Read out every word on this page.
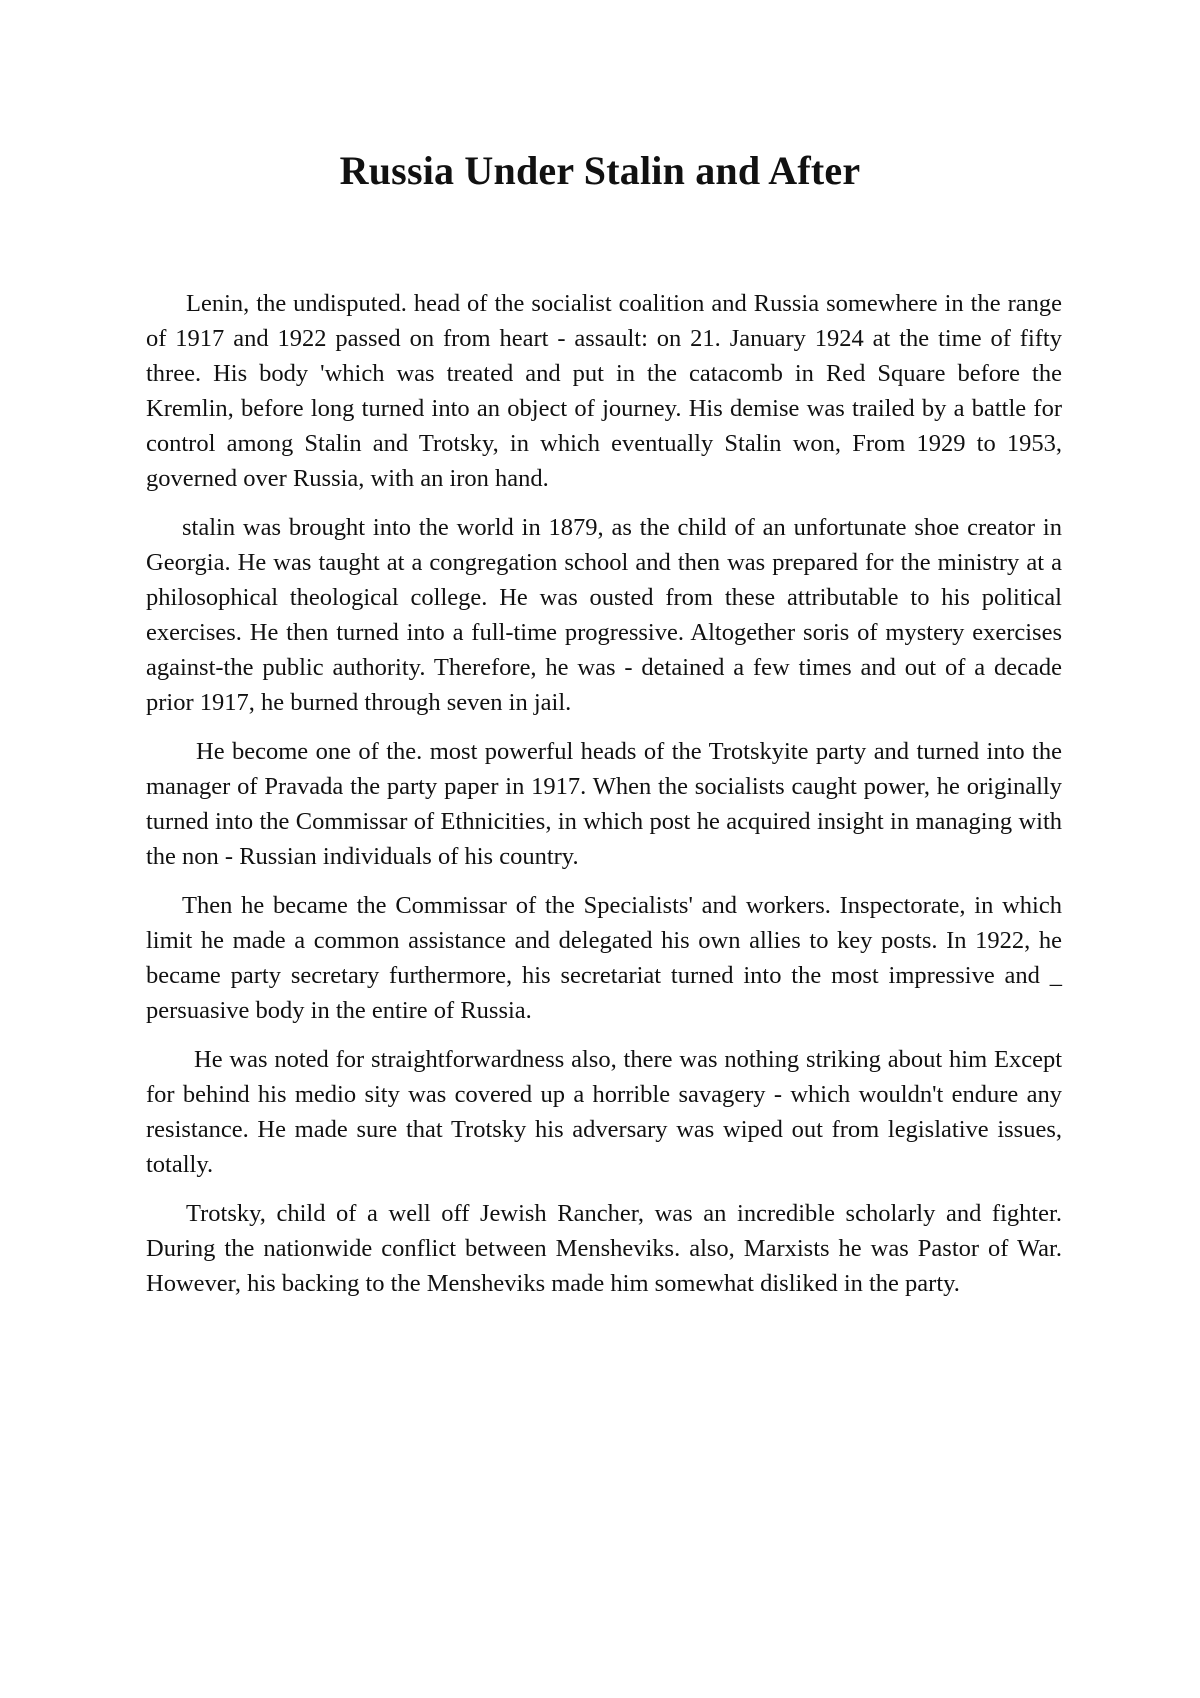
Russia Under Stalin and After

Lenin, the undisputed. head of the socialist coalition and Russia somewhere in the range of 1917 and 1922 passed on from heart - assault: on 21. January 1924 at the time of fifty three. His body 'which was treated and put in the catacomb in Red Square before the Kremlin, before long turned into an object of journey. His demise was trailed by a battle for control among Stalin and Trotsky, in which eventually Stalin won, From 1929 to 1953, governed over Russia, with an iron hand.

stalin was brought into the world in 1879, as the child of an unfortunate shoe creator in Georgia. He was taught at a congregation school and then was prepared for the ministry at a philosophical theological college. He was ousted from these attributable to his political exercises. He then turned into a full-time progressive. Altogether soris of mystery exercises against-the public authority. Therefore, he was - detained a few times and out of a decade prior 1917, he burned through seven in jail.

He become one of the. most powerful heads of the Trotskyite party and turned into the manager of Pravada the party paper in 1917. When the socialists caught power, he originally turned into the Commissar of Ethnicities, in which post he acquired insight in managing with the non - Russian individuals of his country.

Then he became the Commissar of the Specialists' and workers. Inspectorate, in which limit he made a common assistance and delegated his own allies to key posts. In 1922, he became party secretary furthermore, his secretariat turned into the most impressive and _ persuasive body in the entire of Russia.

He was noted for straightforwardness also, there was nothing striking about him Except for behind his medio sity was covered up a horrible savagery - which wouldn't endure any resistance. He made sure that Trotsky his adversary was wiped out from legislative issues, totally.

Trotsky, child of a well off Jewish Rancher, was an incredible scholarly and fighter. During the nationwide conflict between Mensheviks. also, Marxists he was Pastor of War. However, his backing to the Mensheviks made him somewhat disliked in the party.
